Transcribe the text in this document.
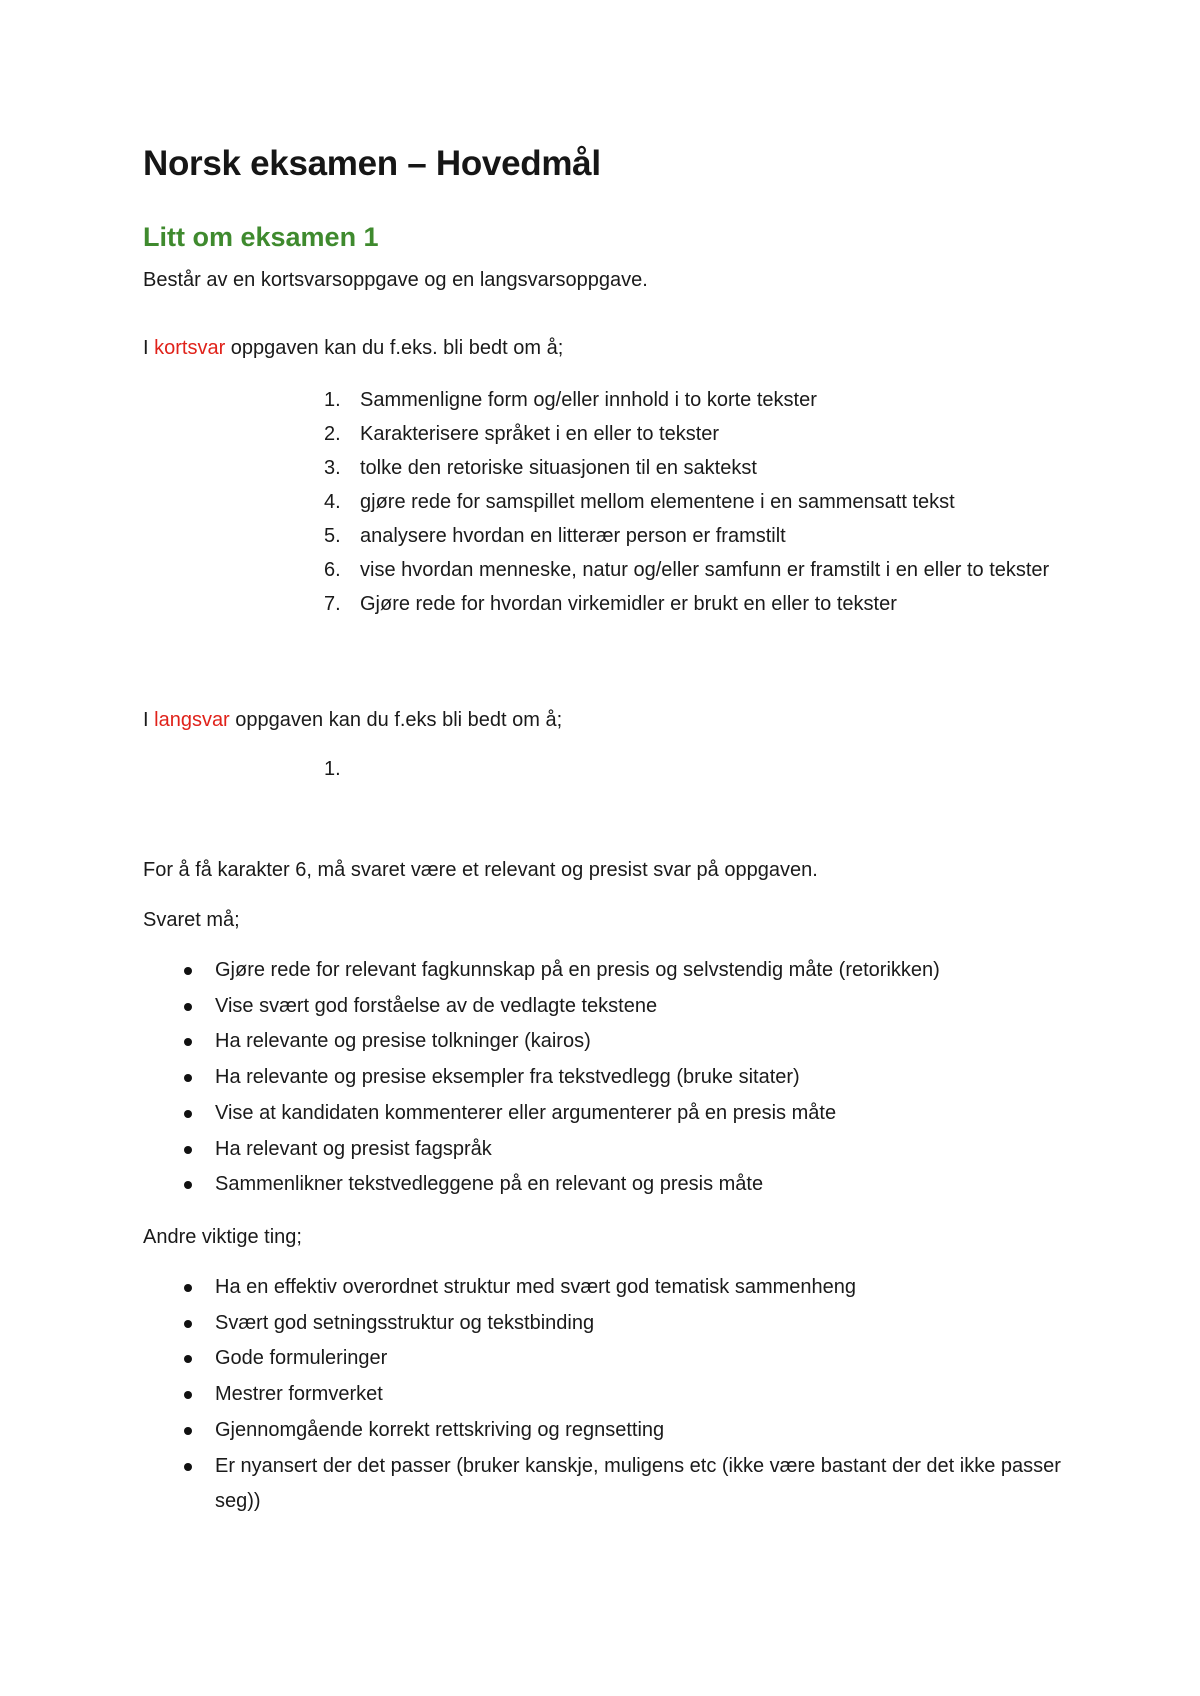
Norsk eksamen – Hovedmål
Litt om eksamen 1

Består av en kortsvarsoppgave og en langsvarsoppgave.

I kortsvar oppgaven kan du f.eks. bli bedt om å;

1. Sammenligne form og/eller innhold i to korte tekster
2. Karakterisere språket i en eller to tekster
3. tolke den retoriske situasjonen til en saktekst
4. gjøre rede for samspillet mellom elementene i en sammensatt tekst
5. analysere hvordan en litterær person er framstilt
6. vise hvordan menneske, natur og/eller samfunn er framstilt i en eller to tekster
7. Gjøre rede for hvordan virkemidler er brukt en eller to tekster

I langsvar oppgaven kan du f.eks bli bedt om å;

1.

For å få karakter 6, må svaret være et relevant og presist svar på oppgaven.

Svaret må;

Gjøre rede for relevant fagkunnskap på en presis og selvstendig måte (retorikken)
Vise svært god forståelse av de vedlagte tekstene
Ha relevante og presise tolkninger (kairos)
Ha relevante og presise eksempler fra tekstvedlegg (bruke sitater)
Vise at kandidaten kommenterer eller argumenterer på en presis måte
Ha relevant og presist fagspråk
Sammenlikner tekstvedleggene på en relevant og presis måte

Andre viktige ting;

Ha en effektiv overordnet struktur med svært god tematisk sammenheng
Svært god setningsstruktur og tekstbinding
Gode formuleringer
Mestrer formverket
Gjennomgående korrekt rettskriving og regnsetting
Er nyansert der det passer (bruker kanskje, muligens etc (ikke være bastant der det ikke passer seg))
